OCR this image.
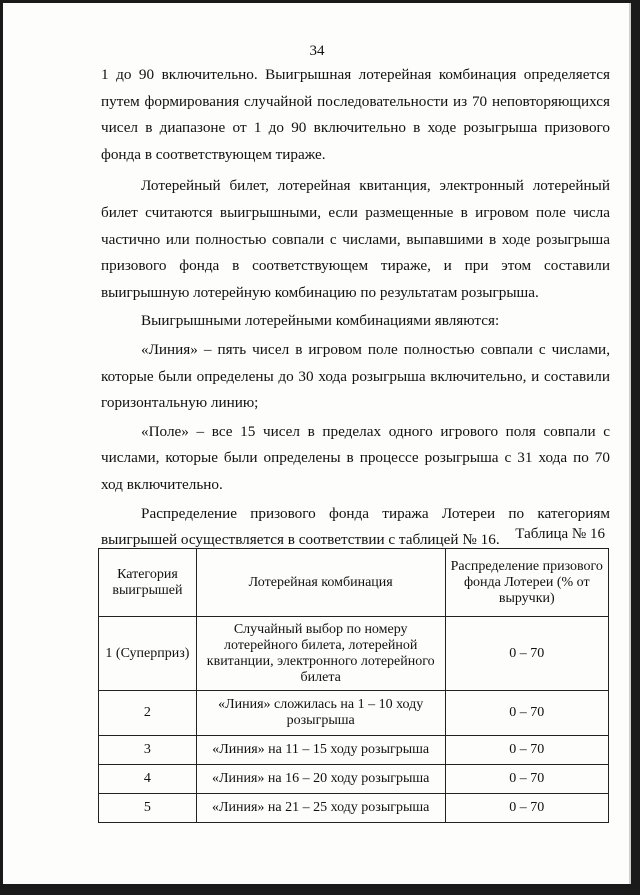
34

1 до 90 включительно. Выигрышная лотерейная комбинация определяется путем формирования случайной последовательности из 70 неповторяющихся чисел в диапазоне от 1 до 90 включительно в ходе розыгрыша призового фонда в соответствующем тираже.

Лотерейный билет, лотерейная квитанция, электронный лотерейный билет считаются выигрышными, если размещенные в игровом поле числа частично или полностью совпали с числами, выпавшими в ходе розыгрыша призового фонда в соответствующем тираже, и при этом составили выигрышную лотерейную комбинацию по результатам розыгрыша.

Выигрышными лотерейными комбинациями являются:

«Линия» – пять чисел в игровом поле полностью совпали с числами, которые были определены до 30 хода розыгрыша включительно, и составили горизонтальную линию;

«Поле» – все 15 чисел в пределах одного игрового поля совпали с числами, которые были определены в процессе розыгрыша с 31 хода по 70 ход включительно.

Распределение призового фонда тиража Лотереи по категориям выигрышей осуществляется в соответствии с таблицей № 16.	Таблица № 16
Категория выигрышей	Лотерейная комбинация	Распределение призового фонда Лотереи (% от выручки)
1 (Суперприз)	Случайный выбор по номеру лотерейного билета, лотерейной квитанции, электронного лотерейного билета	0 – 70
2	«Линия» сложилась на 1 – 10 ходу розыгрыша	0 – 70
3	«Линия» на 11 – 15 ходу розыгрыша	0 – 70
4	«Линия» на 16 – 20 ходу розыгрыша	0 – 70
5	«Линия» на 21 – 25 ходу розыгрыша	0 – 70
